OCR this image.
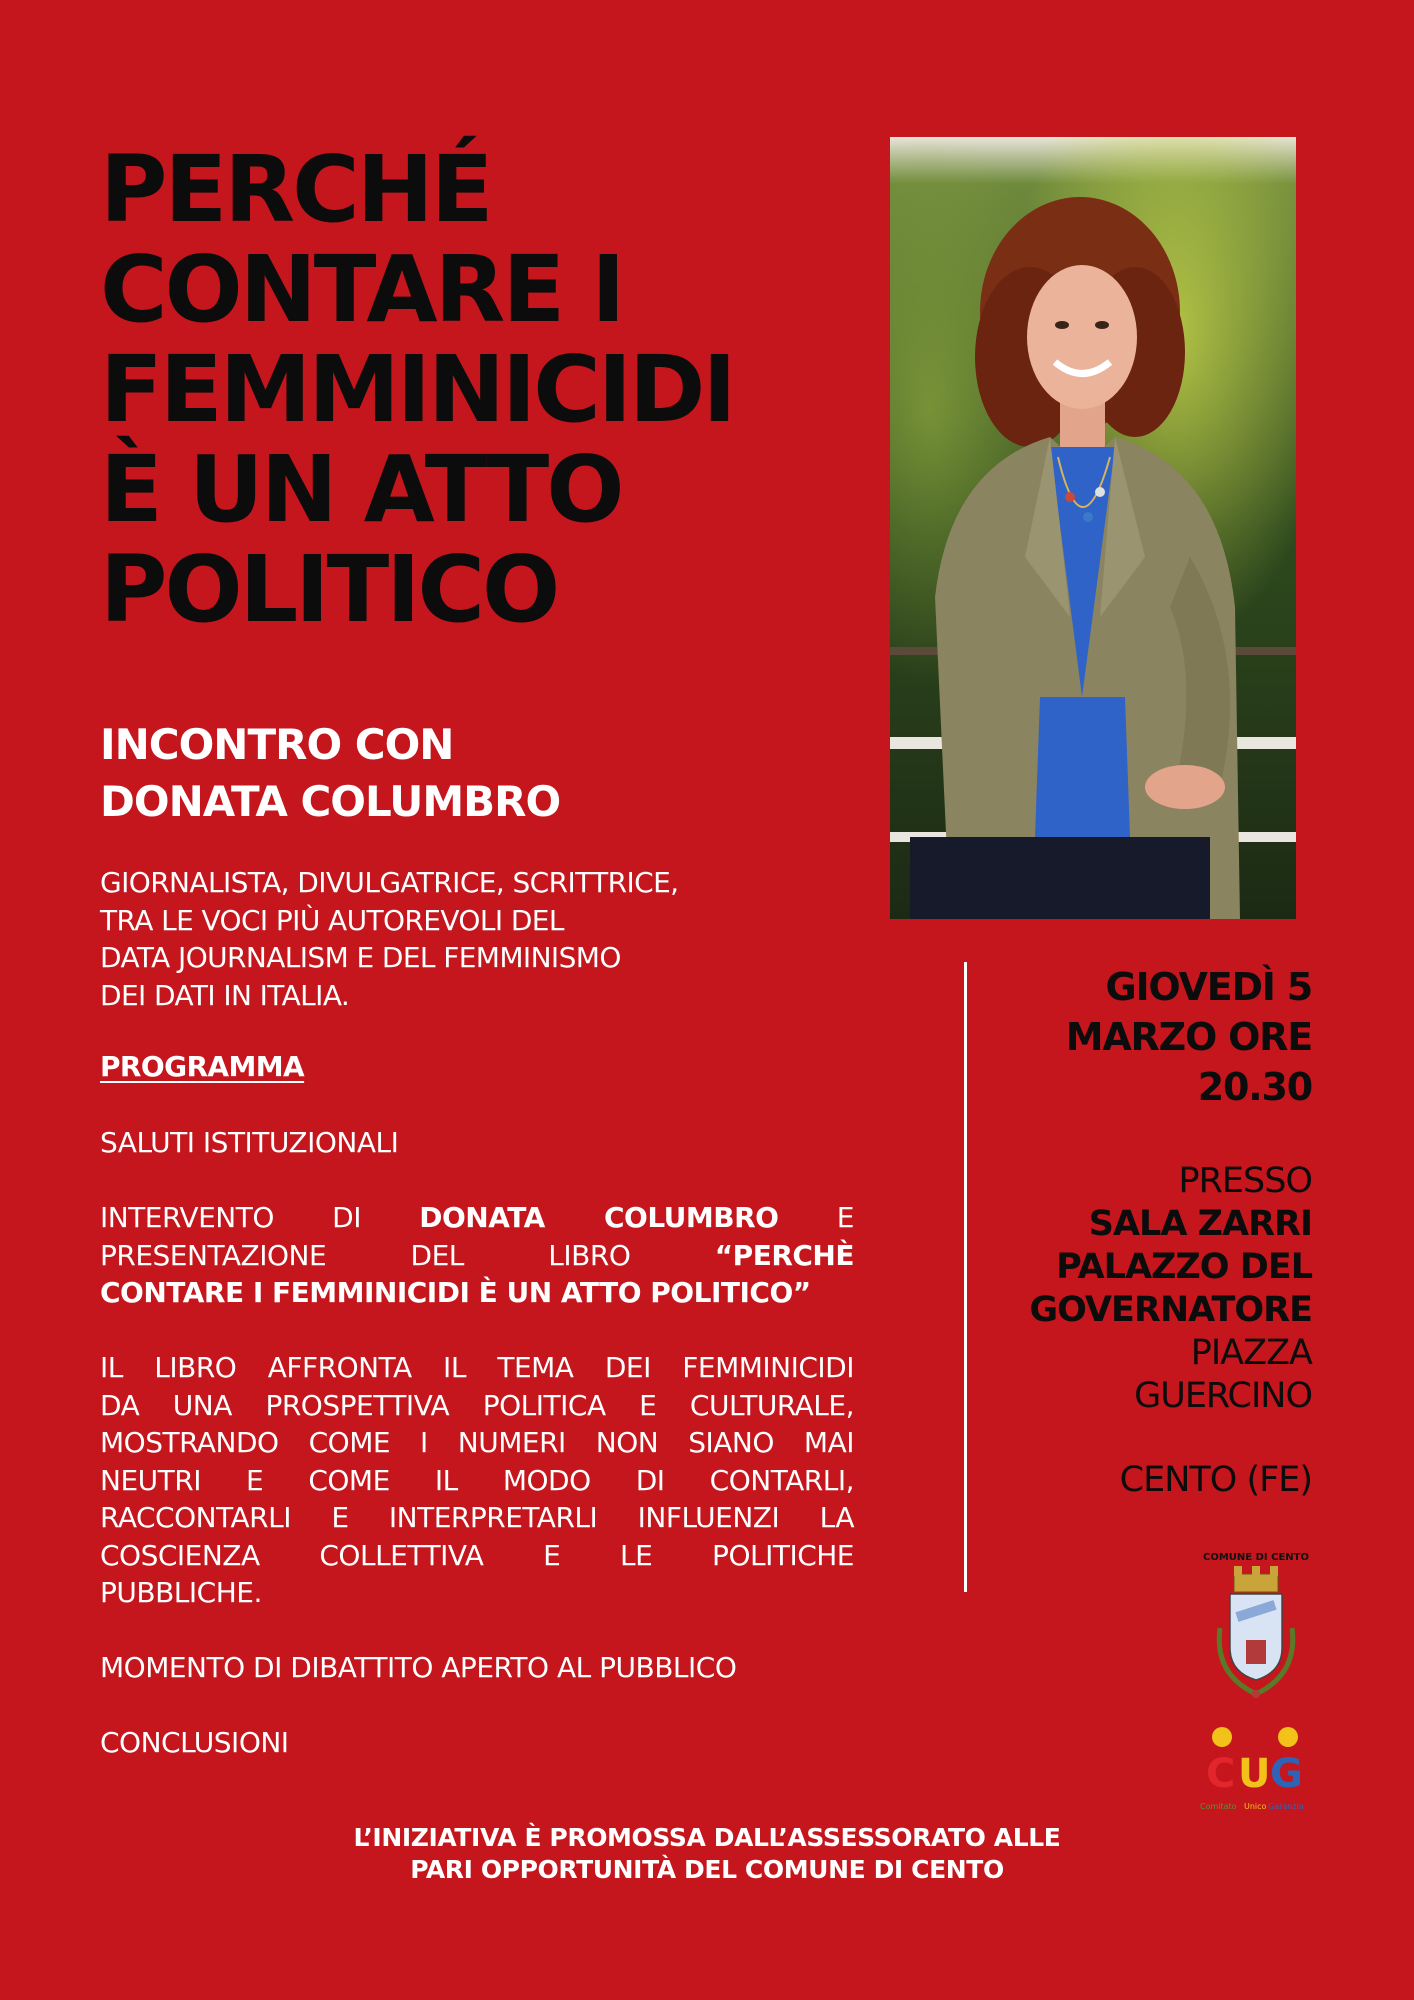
PERCHÉ
CONTARE I
FEMMINICIDI
È UN ATTO
POLITICO
INCONTRO CON
DONATA COLUMBRO
GIORNALISTA, DIVULGATRICE, SCRITTRICE,
TRA LE VOCI PIÙ AUTOREVOLI DEL
DATA JOURNALISM E DEL FEMMINISMO
DEI DATI IN ITALIA.
PROGRAMMA
SALUTI ISTITUZIONALI
INTERVENTO DI DONATA COLUMBRO E
PRESENTAZIONE DEL LIBRO	“PERCHÈ
CONTARE I FEMMINICIDI È UN ATTO POLITICO”
IL LIBRO AFFRONTA IL TEMA DEI FEMMINICIDI
DA UNA PROSPETTIVA POLITICA E CULTURALE,
MOSTRANDO COME I NUMERI NON SIANO MAI
NEUTRI E COME IL MODO DI CONTARLI,
RACCONTARLI E INTERPRETARLI INFLUENZI LA
COSCIENZA COLLETTIVA E LE POLITICHE
PUBBLICHE.
MOMENTO DI DIBATTITO APERTO AL PUBBLICO
CONCLUSIONI
GIOVEDÌ 5
MARZO ORE
20.30
PRESSO
SALA ZARRI
PALAZZO DEL
GOVERNATORE
PIAZZA
GUERCINO
CENTO (FE)
COMUNE DI CENTO
C U G
Comitato Unico Garanzia
L’INIZIATIVA È PROMOSSA DALL’ASSESSORATO ALLE
PARI OPPORTUNITÀ DEL COMUNE DI CENTO
